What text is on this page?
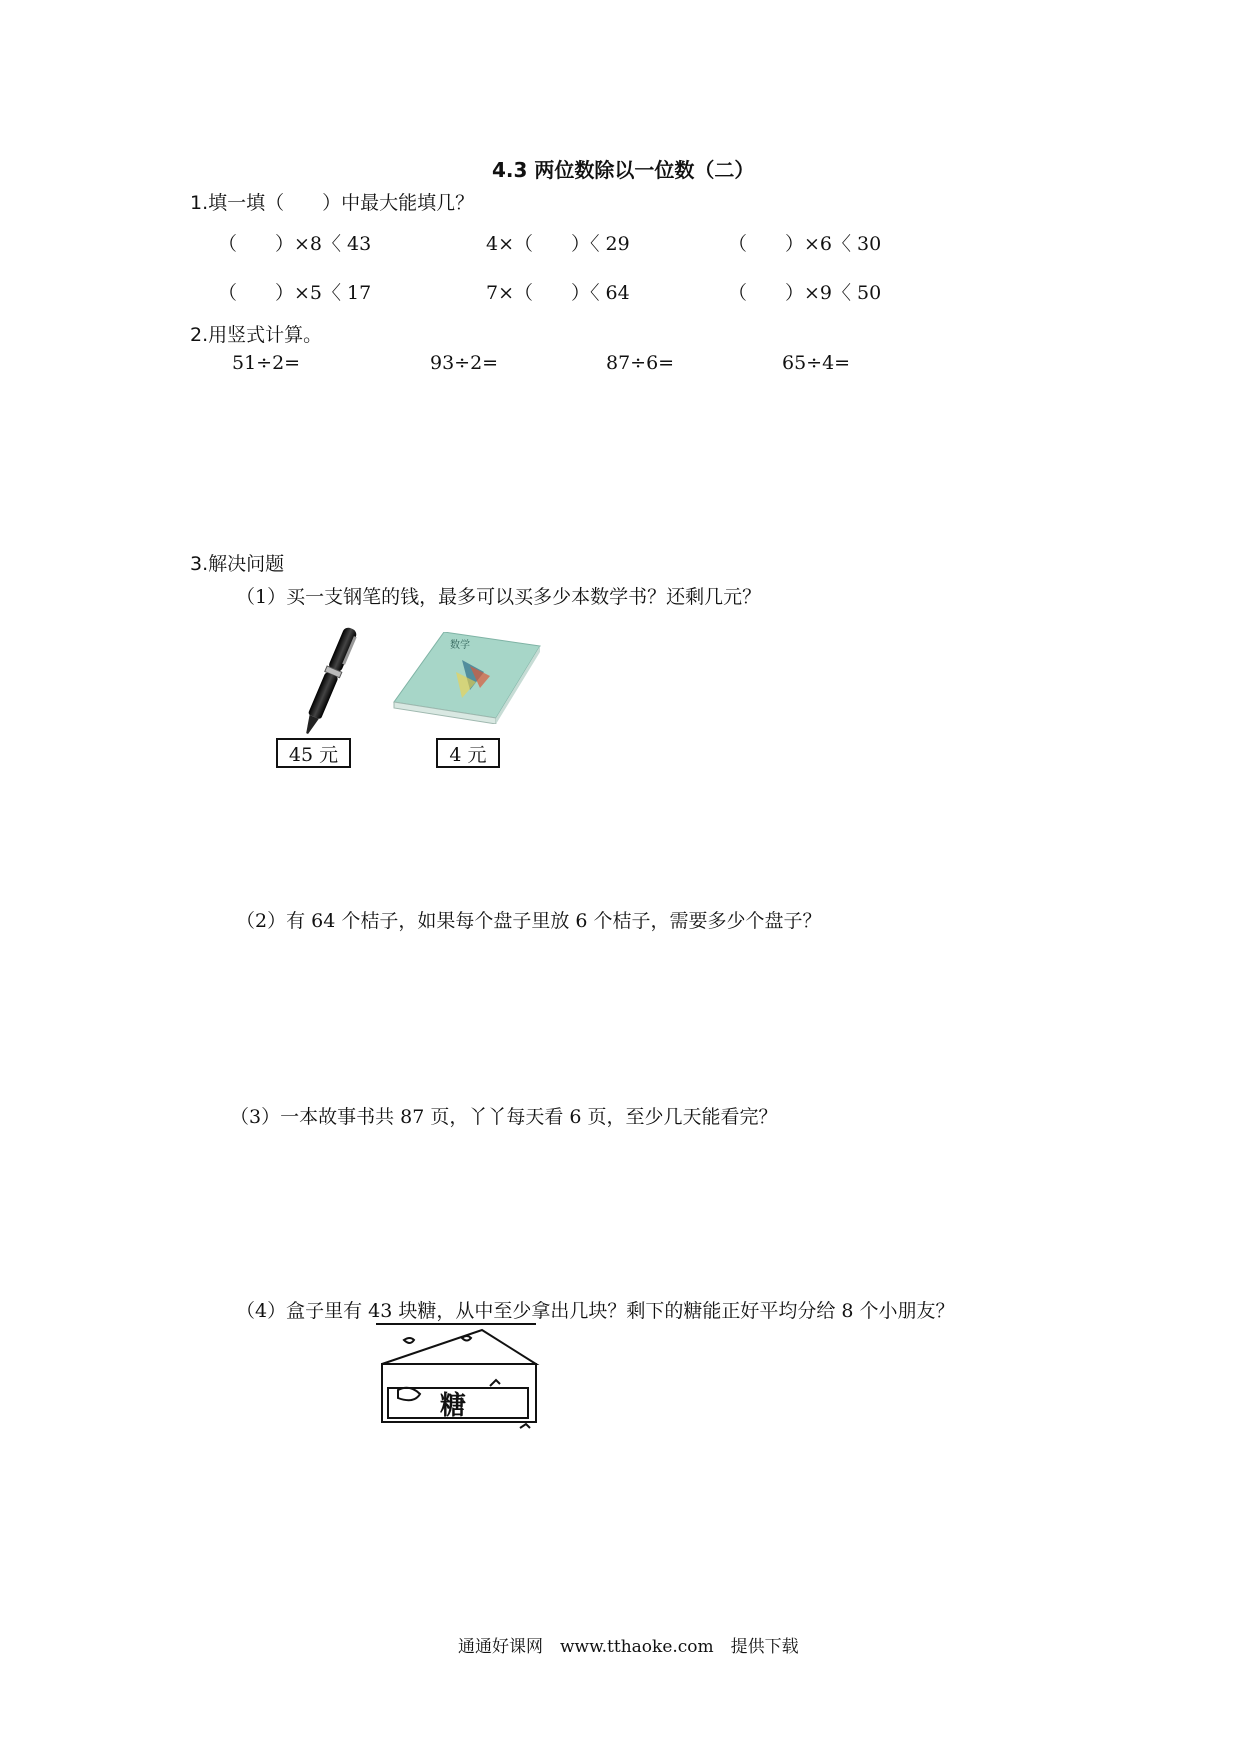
4.3 两位数除以一位数（二）
1.填一填（　　）中最大能填几？
（　　）×8〈 43	4×（　　）〈 29	（　　）×6〈 30
（　　）×5〈 17	7×（　　）〈 64	（　　）×9〈 50
2.用竖式计算。
51÷2=	93÷2=	87÷6=	65÷4=
3.解决问题
（1）买一支钢笔的钱，最多可以买多少本数学书？还剩几元？
数学
45 元	4 元
（2）有 64 个桔子，如果每个盘子里放 6 个桔子，需要多少个盘子？
（3）一本故事书共 87 页，丫丫每天看 6 页，至少几天能看完？
（4）盒子里有 43 块糖，从中至少拿出几块？剩下的糖能正好平均分给 8 个小朋友？
糖
通通好课网　www.tthaoke.com　提供下载
